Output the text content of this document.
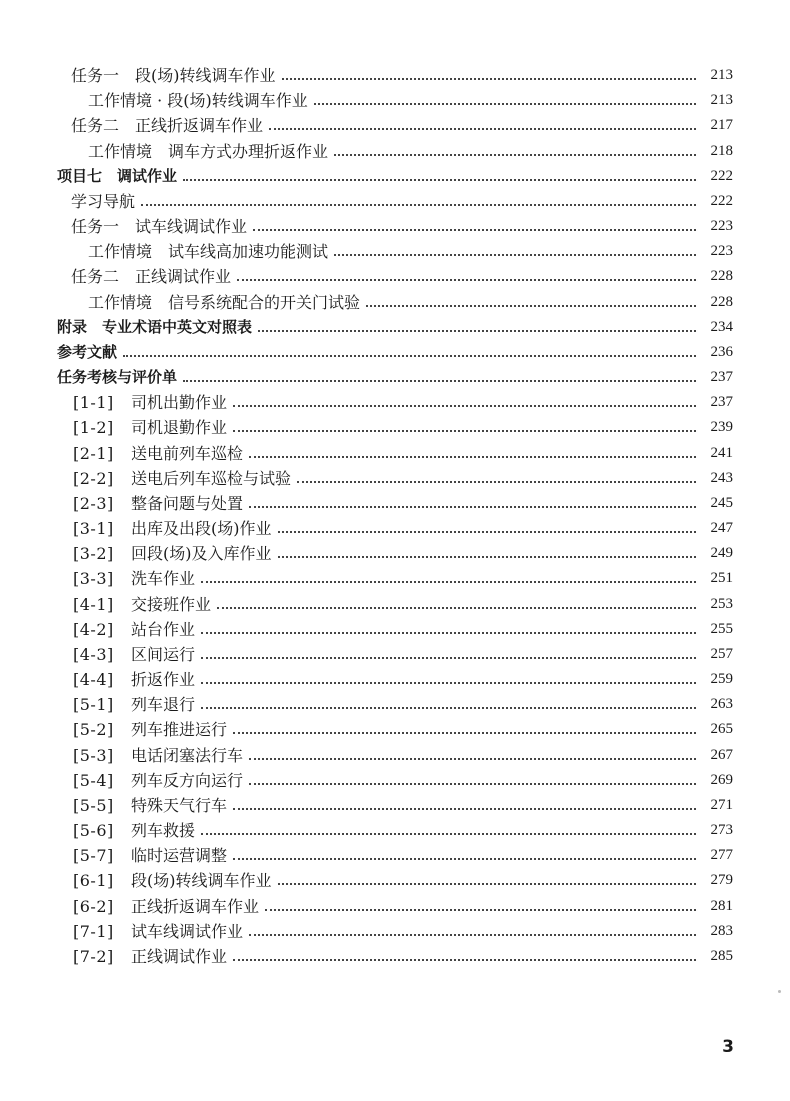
任务一　段(场)转线调车作业	213
工作情境 · 段(场)转线调车作业	213
任务二　正线折返调车作业	217
工作情境　调车方式办理折返作业	218
项目七　调试作业	222
学习导航	222
任务一　试车线调试作业	223
工作情境　试车线高加速功能测试	223
任务二　正线调试作业	228
工作情境　信号系统配合的开关门试验	228
附录　专业术语中英文对照表	234
参考文献	236
任务考核与评价单	237
[1-1] 司机出勤作业	237
[1-2] 司机退勤作业	239
[2-1] 送电前列车巡检	241
[2-2] 送电后列车巡检与试验	243
[2-3] 整备问题与处置	245
[3-1] 出库及出段(场)作业	247
[3-2] 回段(场)及入库作业	249
[3-3] 洗车作业	251
[4-1] 交接班作业	253
[4-2] 站台作业	255
[4-3] 区间运行	257
[4-4] 折返作业	259
[5-1] 列车退行	263
[5-2] 列车推进运行	265
[5-3] 电话闭塞法行车	267
[5-4] 列车反方向运行	269
[5-5] 特殊天气行车	271
[5-6] 列车救援	273
[5-7] 临时运营调整	277
[6-1] 段(场)转线调车作业	279
[6-2] 正线折返调车作业	281
[7-1] 试车线调试作业	283
[7-2] 正线调试作业	285
3
